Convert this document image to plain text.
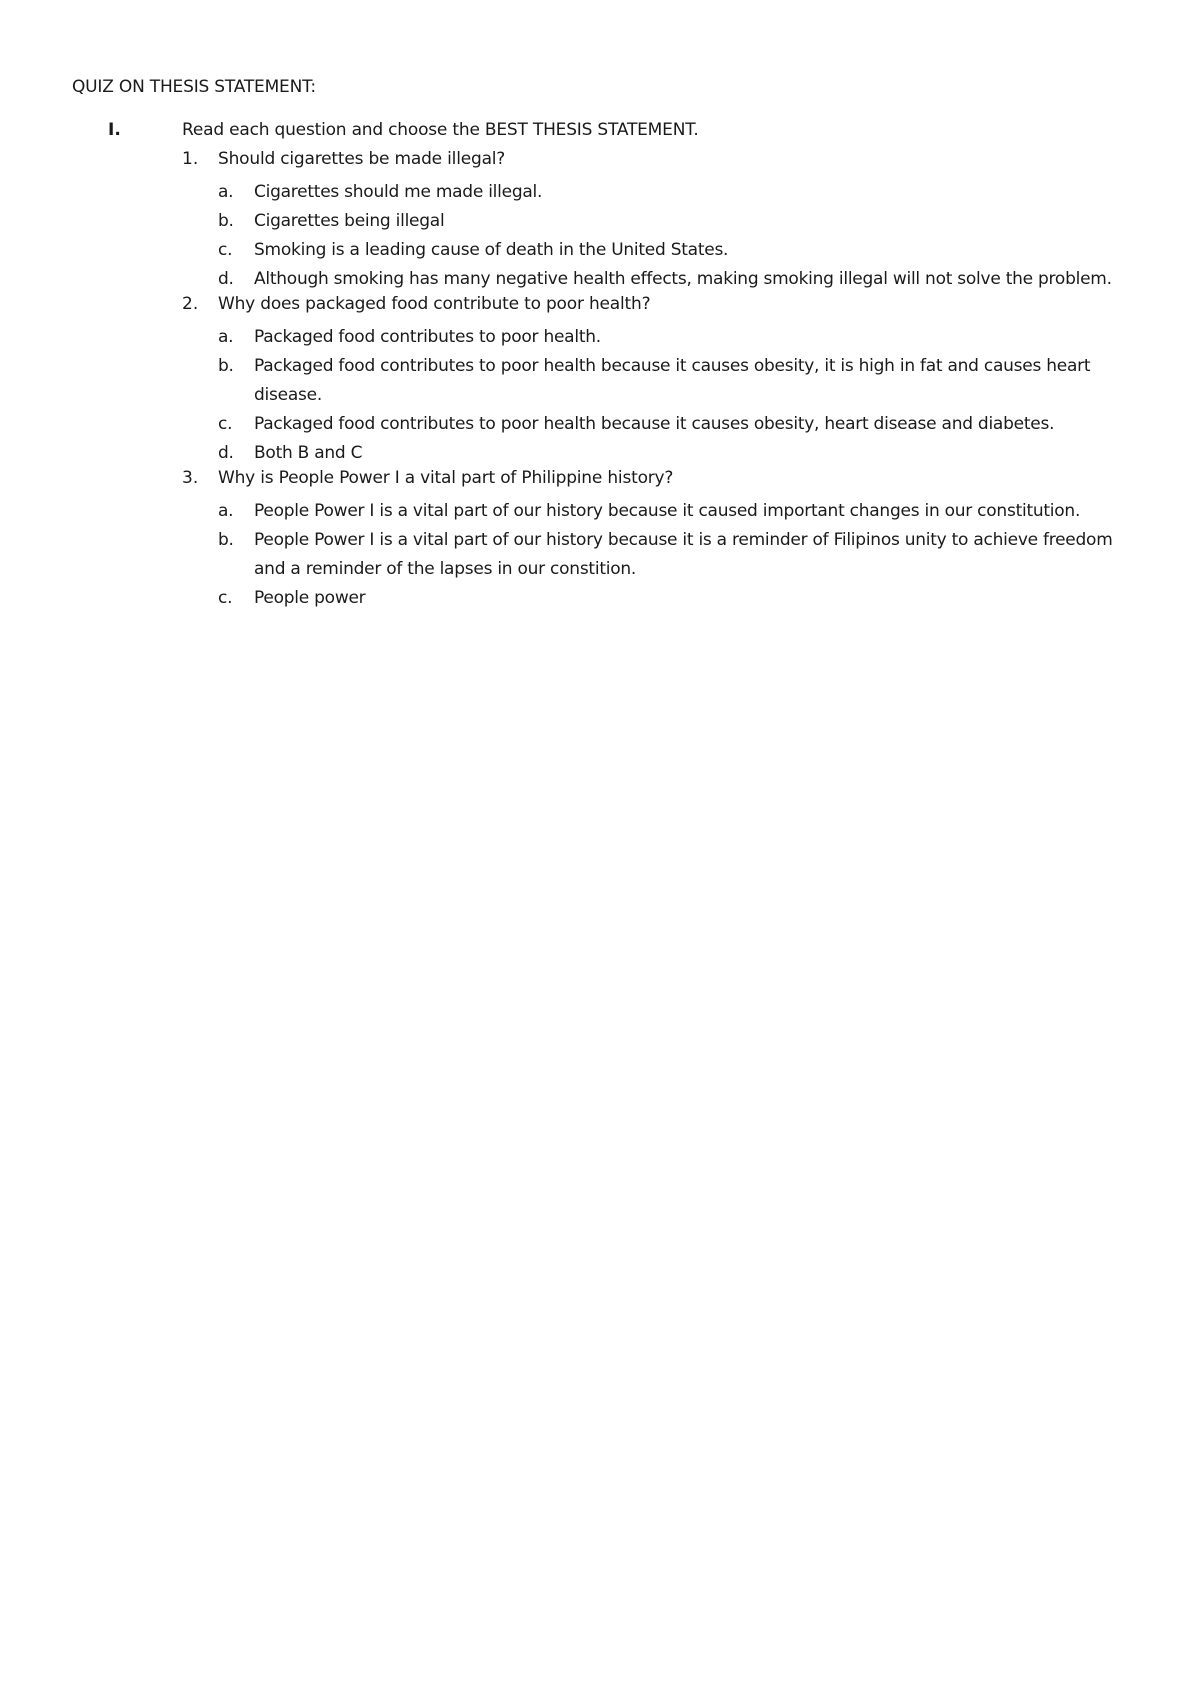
QUIZ ON THESIS STATEMENT:
I.	Read each question and choose the BEST THESIS STATEMENT.
1. Should cigarettes be made illegal?
a. Cigarettes should me made illegal.
b. Cigarettes being illegal
c. Smoking is a leading cause of death in the United States.
d. Although smoking has many negative health effects, making smoking illegal will not solve the problem.
2. Why does packaged food contribute to poor health?
a. Packaged food contributes to poor health.
b. Packaged food contributes to poor health because it causes obesity, it is high in fat and causes heart disease.
c. Packaged food contributes to poor health because it causes obesity, heart disease and diabetes.
d. Both B and C
3. Why is People Power I a vital part of Philippine history?
a. People Power I is a vital part of our history because it caused important changes in our constitution.
b. People Power I is a vital part of our history because it is a reminder of Filipinos unity to achieve freedom and a reminder of the lapses in our constition.
c. People power
